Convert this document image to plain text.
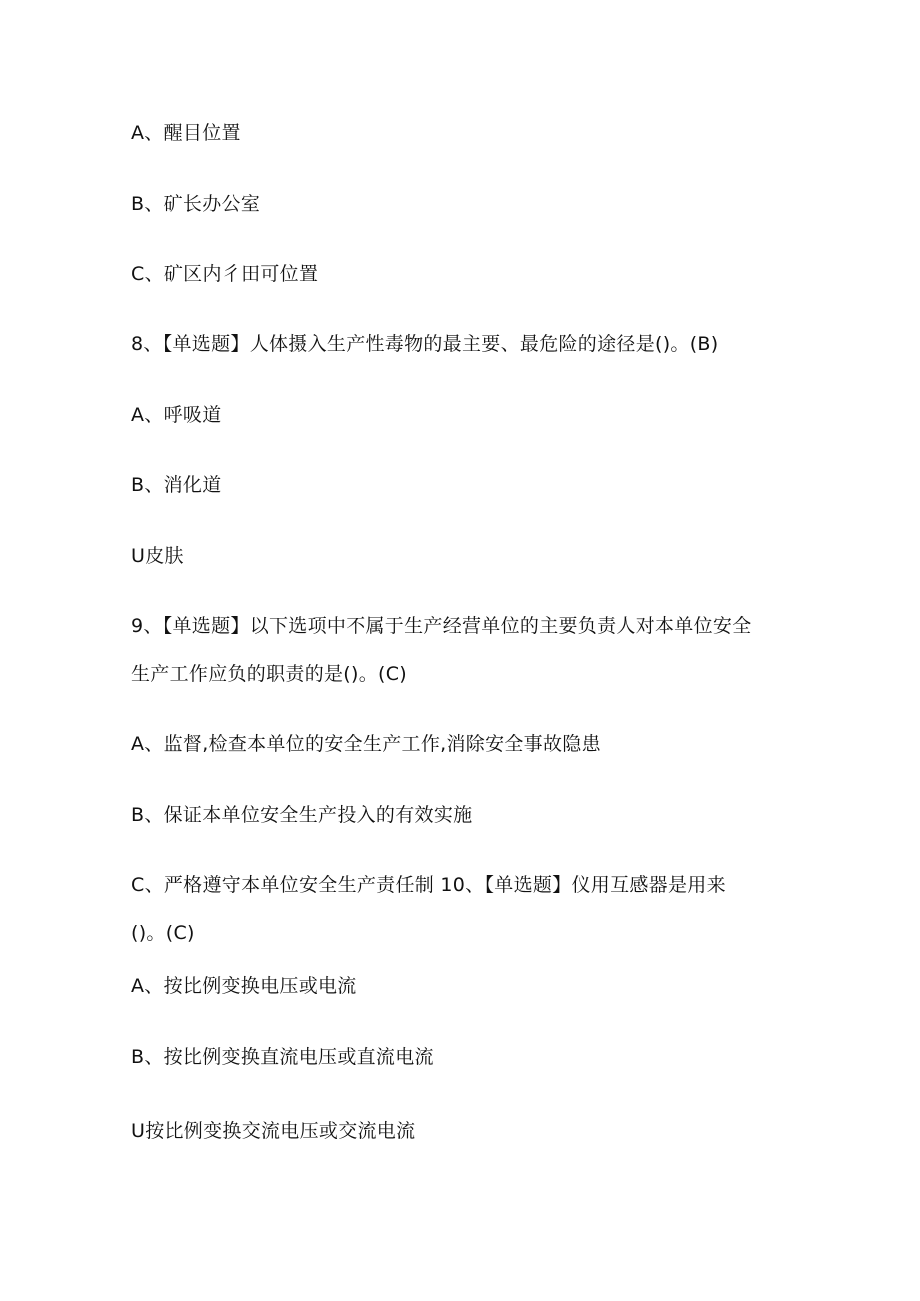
A、醒目位置
B、矿长办公室
C、矿区内彳田可位置
8、【单选题】人体摄入生产性毒物的最主要、最危险的途径是()。(B)
A、呼吸道
B、消化道
U皮肤
9、【单选题】以下选项中不属于生产经营单位的主要负责人对本单位安全
生产工作应负的职责的是()。(C)
A、监督,检查本单位的安全生产工作,消除安全事故隐患
B、保证本单位安全生产投入的有效实施
C、严格遵守本单位安全生产责任制 10、【单选题】仪用互感器是用来
()。(C)
A、按比例变换电压或电流
B、按比例变换直流电压或直流电流
U按比例变换交流电压或交流电流
